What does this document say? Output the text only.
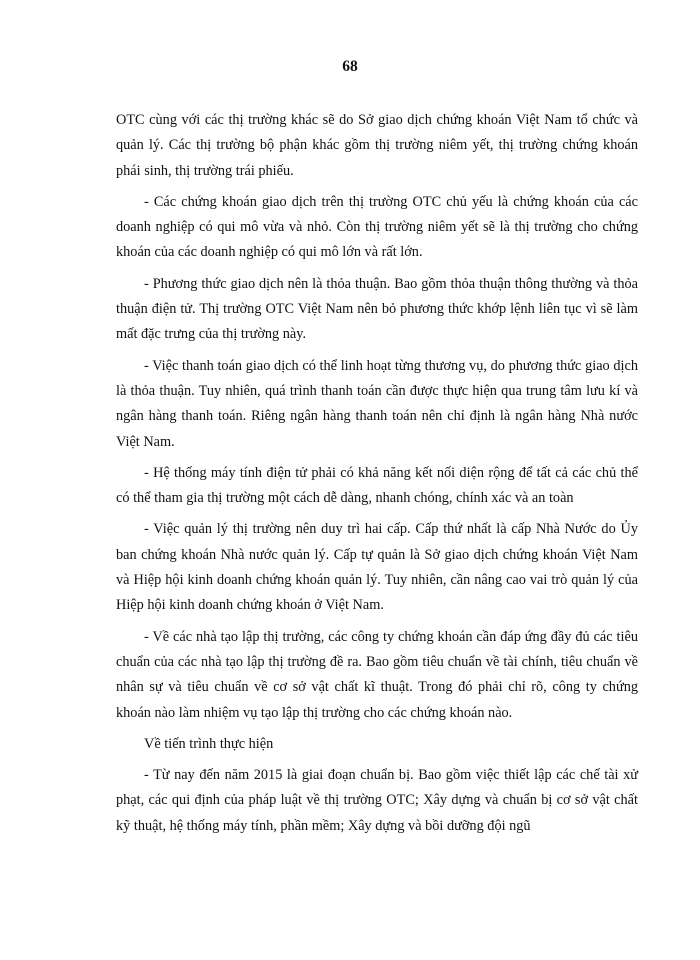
68

OTC cùng với các thị trường khác sẽ do Sở giao dịch chứng khoán Việt Nam tổ chức và quản lý. Các thị trường bộ phận khác gồm thị trường niêm yết, thị trường chứng khoán phái sinh, thị trường trái phiếu.

- Các chứng khoán giao dịch trên thị trường OTC chủ yếu là chứng khoán của các doanh nghiệp có qui mô vừa và nhỏ. Còn thị trường niêm yết sẽ là thị trường cho chứng khoán của các doanh nghiệp có qui mô lớn và rất lớn.

- Phương thức giao dịch nên là thỏa thuận. Bao gồm thỏa thuận thông thường và thỏa thuận điện tử. Thị trường OTC Việt Nam nên bỏ phương thức khớp lệnh liên tục vì sẽ làm mất đặc trưng của thị trường này.

- Việc thanh toán giao dịch có thể linh hoạt từng thương vụ, do phương thức giao dịch là thỏa thuận. Tuy nhiên, quá trình thanh toán cần được thực hiện qua trung tâm lưu kí và ngân hàng thanh toán. Riêng ngân hàng thanh toán nên chỉ định là ngân hàng Nhà nước Việt Nam.

- Hệ thống máy tính điện tử phải có khả năng kết nối diện rộng để tất cả các chủ thể có thể tham gia thị trường một cách dễ dàng, nhanh chóng, chính xác và an toàn

- Việc quản lý thị trường nên duy trì hai cấp. Cấp thứ nhất là cấp Nhà Nước do Ủy ban chứng khoán Nhà nước quản lý. Cấp tự quản là Sở giao dịch chứng khoán Việt Nam và Hiệp hội kinh doanh chứng khoán quản lý. Tuy nhiên, cần nâng cao vai trò quản lý của Hiệp hội kinh doanh chứng khoán ở Việt Nam.

- Về các nhà tạo lập thị trường, các công ty chứng khoán cần đáp ứng đầy đủ các tiêu chuẩn của các nhà tạo lập thị trường đề ra. Bao gồm tiêu chuẩn về tài chính, tiêu chuẩn về nhân sự và tiêu chuẩn về cơ sở vật chất kĩ thuật. Trong đó phải chỉ rõ, công ty chứng khoán nào làm nhiệm vụ tạo lập thị trường cho các chứng khoán nào.

Về tiến trình thực hiện

- Từ nay đến năm 2015 là giai đoạn chuẩn bị. Bao gồm việc thiết lập các chế tài xử phạt, các qui định của pháp luật về thị trường OTC; Xây dựng và chuẩn bị cơ sở vật chất kỹ thuật, hệ thống máy tính, phần mềm; Xây dựng và bồi dưỡng đội ngũ
